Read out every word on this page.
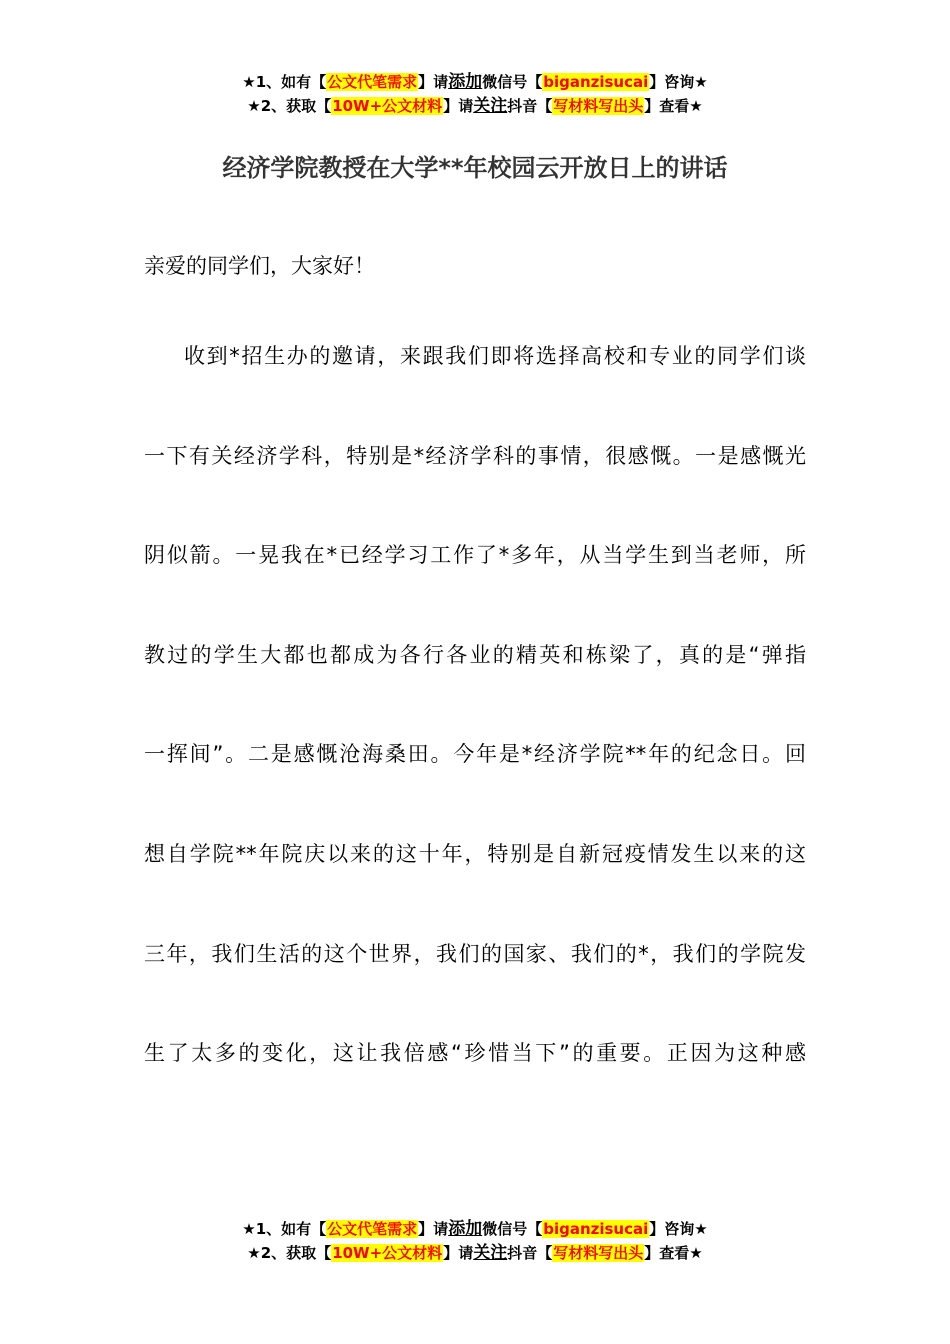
★1、如有【公文代笔需求】请添加微信号【biganzisucai】咨询★
★2、获取【10W+公文材料】请关注抖音【写材料写出头】查看★
经济学院教授在大学**年校园云开放日上的讲话
亲爱的同学们，大家好！
收到*招生办的邀请，来跟我们即将选择高校和专业的同学们谈
一下有关经济学科，特别是*经济学科的事情，很感慨。一是感慨光
阴似箭。一晃我在*已经学习工作了*多年，从当学生到当老师，所
教过的学生大都也都成为各行各业的精英和栋梁了，真的是“弹指
一挥间”。二是感慨沧海桑田。今年是*经济学院**年的纪念日。回
想自学院**年院庆以来的这十年，特别是自新冠疫情发生以来的这
三年，我们生活的这个世界，我们的国家、我们的*，我们的学院发
生了太多的变化，这让我倍感“珍惜当下”的重要。正因为这种感
★1、如有【公文代笔需求】请添加微信号【biganzisucai】咨询★
★2、获取【10W+公文材料】请关注抖音【写材料写出头】查看★
